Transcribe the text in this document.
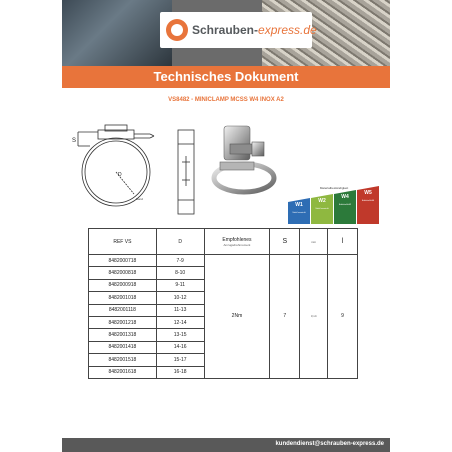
Schrauben-express.de
Technisches Dokument
VS8482 - MINICLAMP MCSS W4 INOX A2
S
D
Band
Materialbeständigkeit
W1
W2
W4
W5
Stahl verzinkt
Stahl verzinkt
Edelstahl A2
Edelstahl A4
REF VS	D	Empfohlenes
Anzugsdrehmoment	S	mm	l
8482000718	7-9	2Nm	7	3,x4	9
8482000818	8-10				
8482000918	9-11				
8482001018	10-12				
8482001118	11-13				
8482001218	12-14				
8482001318	13-15				
8482001418	14-16				
8482001518	15-17				
8482001618	16-18				
kundendienst@schrauben-express.de
